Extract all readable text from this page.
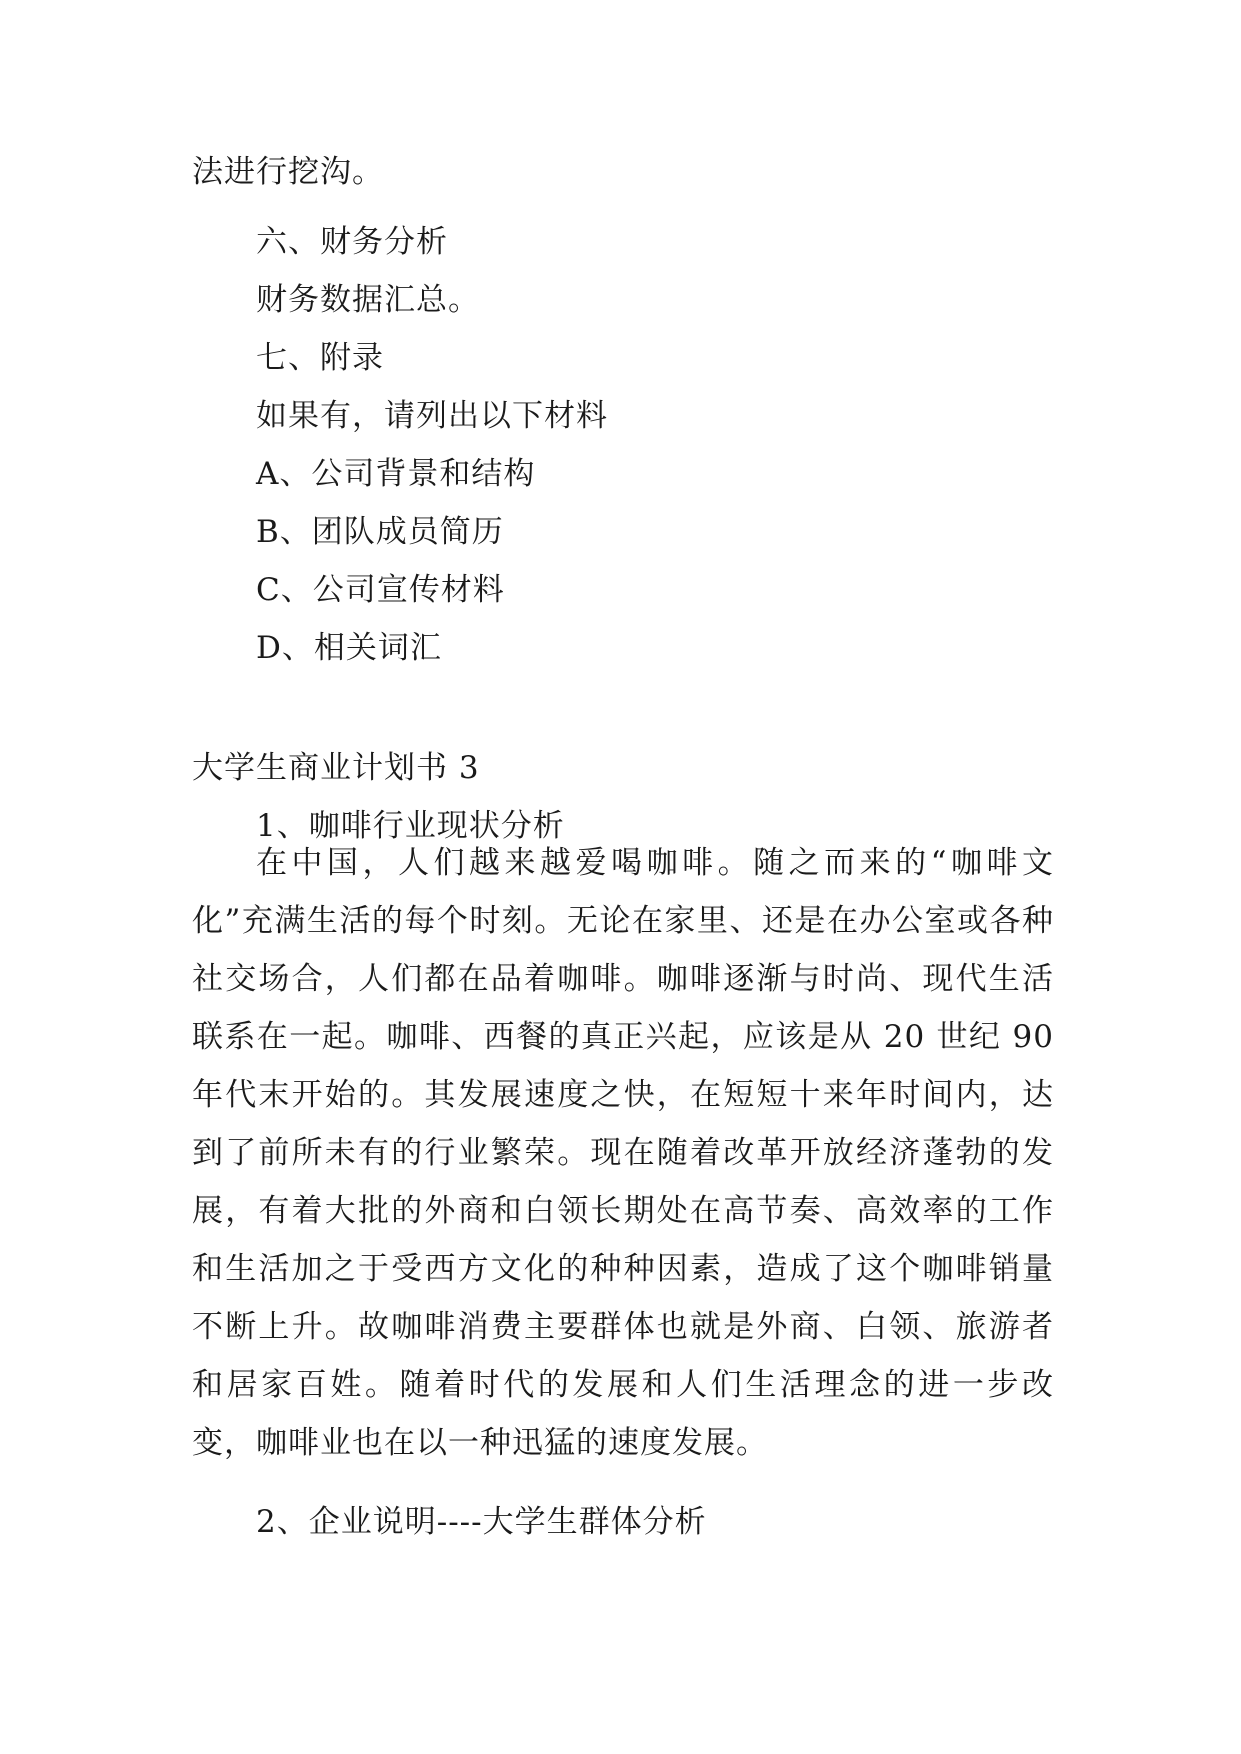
法进行挖沟。
六、财务分析
财务数据汇总。
七、附录
如果有，请列出以下材料
A、公司背景和结构
B、团队成员简历
C、公司宣传材料
D、相关词汇
大学生商业计划书 3
1、咖啡行业现状分析

在中国，人们越来越爱喝咖啡。随之而来的“咖啡文化”充满生活的每个时刻。无论在家里、还是在办公室或各种社交场合，人们都在品着咖啡。咖啡逐渐与时尚、现代生活联系在一起。咖啡、西餐的真正兴起，应该是从 20 世纪 90 年代末开始的。其发展速度之快，在短短十来年时间内，达到了前所未有的行业繁荣。现在随着改革开放经济蓬勃的发展，有着大批的外商和白领长期处在高节奏、高效率的工作和生活加之于受西方文化的种种因素，造成了这个咖啡销量不断上升。故咖啡消费主要群体也就是外商、白领、旅游者和居家百姓。随着时代的发展和人们生活理念的进一步改变，咖啡业也在以一种迅猛的速度发展。

2、企业说明----大学生群体分析
